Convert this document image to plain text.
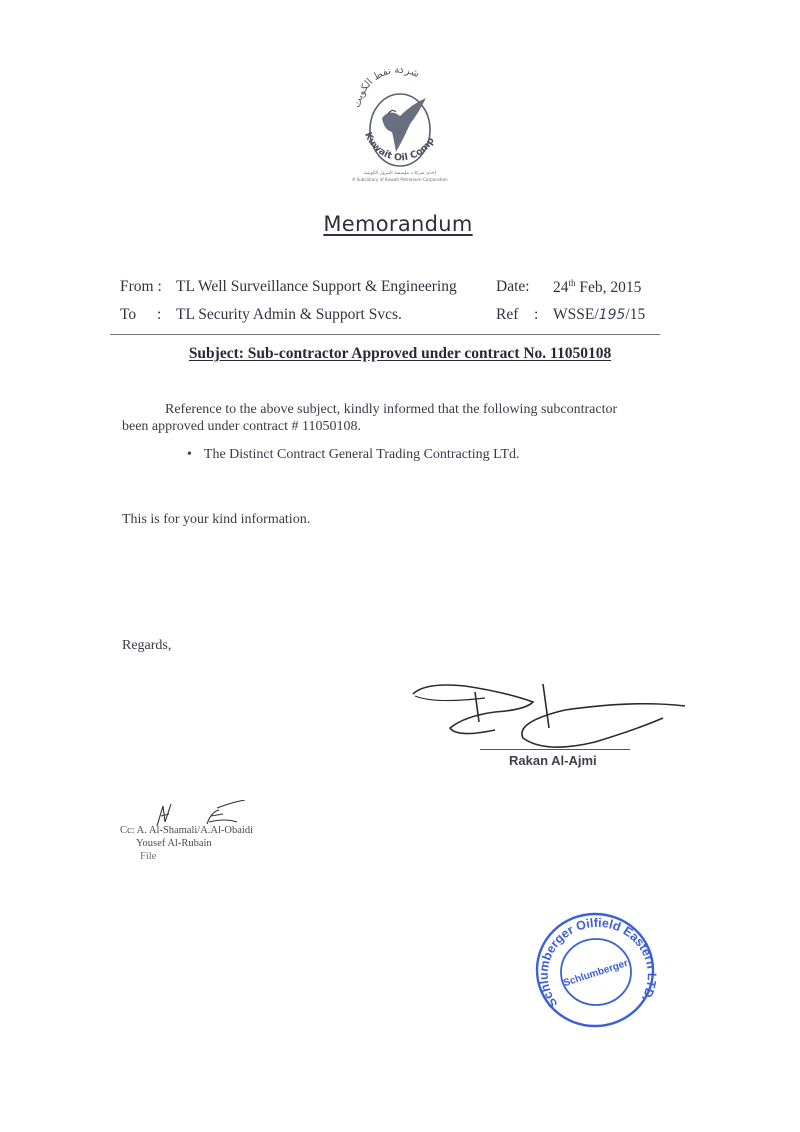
شركة نفط الكويت
Kuwait Oil Comp
إحدى شركات مؤسسة البترول الكويتية
A Subsidiary of Kuwait Petroleum Corporation
Memorandum
From : TL Well Surveillance Support & Engineering	Date: 24th Feb, 2015
To : TL Security Admin & Support Svcs.	Ref : WSSE/195/15
Subject: Sub-contractor Approved under contract No. 11050108
Reference to the above subject, kindly informed that the following subcontractor
been approved under contract # 11050108.
• The Distinct Contract General Trading Contracting LTd.
This is for your kind information.
Regards,
Rakan Al-Ajmi
Cc: A. Al-Shamali/A.Al-Obaidi
Yousef Al-Rubain
File
Schlumberger Oilfield Eastern LTD.
Schlumberger
